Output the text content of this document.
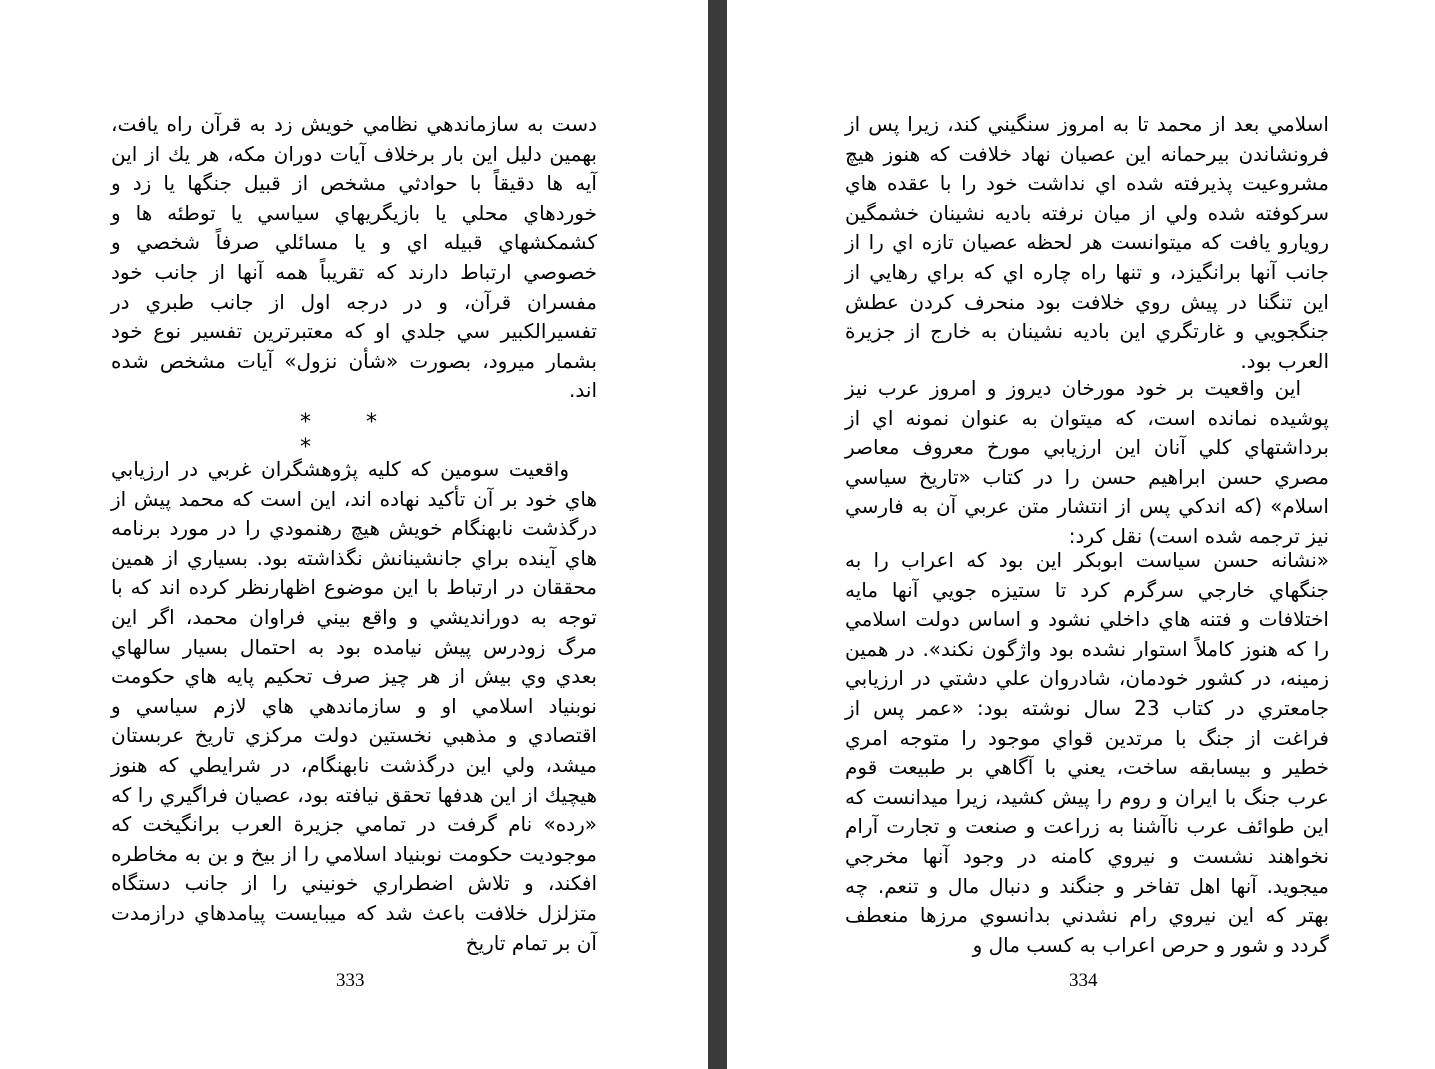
دست به سازماندهي نظامي خويش زد به قرآن راه يافت، بهمين دليل اين بار برخلاف آيات دوران مكه، هر يك از اين آيه ها دقيقاً با حوادثي مشخص از قبيل جنگها يا زد و خوردهاي محلي يا بازيگريهاي سياسي يا توطئه ها و كشمكشهاي قبيله اي و يا مسائلي صرفاً شخصي و خصوصي ارتباط دارند كه تقريباً همه آنها از جانب خود مفسران قرآن، و در درجه اول از جانب طبري در تفسيرالكبير سي جلدي او كه معتبرترين تفسير نوع خود بشمار ميرود، بصورت «شأن نزول» آيات مشخص شده اند.
* * *
واقعيت سومين كه كليه پژوهشگران غربي در ارزيابي هاي خود بر آن تأكيد نهاده اند، اين است كه محمد پيش از درگذشت نابهنگام خويش هيچ رهنمودي را در مورد برنامه هاي آينده براي جانشينانش نگذاشته بود. بسياري از همين محققان در ارتباط با اين موضوع اظهارنظر كرده اند كه با توجه به دورانديشي و واقع بيني فراوان محمد، اگر اين مرگ زودرس پيش نيامده بود به احتمال بسيار سالهاي بعدي وي بيش از هر چيز صرف تحكيم پايه هاي حكومت نوبنياد اسلامي او و سازماندهي هاي لازم سياسي و اقتصادي و مذهبي نخستين دولت مركزي تاريخ عربستان ميشد، ولي اين درگذشت نابهنگام، در شرايطي كه هنوز هيچيك از اين هدفها تحقق نيافته بود، عصيان فراگيري را كه «رده» نام گرفت در تمامي جزيرة العرب برانگيخت كه موجوديت حكومت نوبنياد اسلامي را از بيخ و بن به مخاطره افكند، و تلاش اضطراري خونيني را از جانب دستگاه متزلزل خلافت باعث شد كه ميبايست پيامدهاي درازمدت آن بر تمام تاريخ
333
اسلامي بعد از محمد تا به امروز سنگيني كند، زيرا پس از فرونشاندن بيرحمانه اين عصيان نهاد خلافت كه هنوز هيچ مشروعيت پذيرفته شده اي نداشت خود را با عقده هاي سركوفته شده ولي از ميان نرفته باديه نشينان خشمگين رويارو يافت كه ميتوانست هر لحظه عصيان تازه اي را از جانب آنها برانگيزد، و تنها راه چاره اي كه براي رهايي از اين تنگنا در پيش روي خلافت بود منحرف كردن عطش جنگجويي و غارتگري اين باديه نشينان به خارج از جزيرة العرب بود.
اين واقعيت بر خود مورخان ديروز و امروز عرب نيز پوشيده نمانده است، كه ميتوان به عنوان نمونه اي از برداشتهاي كلي آنان اين ارزيابي مورخ معروف معاصر مصري حسن ابراهيم حسن را در كتاب «تاريخ سياسي اسلام» (كه اندكي پس از انتشار متن عربي آن به فارسي نيز ترجمه شده است) نقل كرد:
«نشانه حسن سياست ابوبكر اين بود كه اعراب را به جنگهاي خارجي سرگرم كرد تا ستيزه جويي آنها مايه اختلافات و فتنه هاي داخلي نشود و اساس دولت اسلامي را كه هنوز كاملاً استوار نشده بود واژگون نكند». در همين زمينه، در كشور خودمان، شادروان علي دشتي در ارزيابي جامعتري در كتاب 23 سال نوشته بود: «عمر پس از فراغت از جنگ با مرتدين قواي موجود را متوجه امري خطير و بيسابقه ساخت، يعني با آگاهي بر طبيعت قوم عرب جنگ با ايران و روم را پيش كشيد، زيرا ميدانست كه اين طوائف عرب ناآشنا به زراعت و صنعت و تجارت آرام نخواهند نشست و نيروي كامنه در وجود آنها مخرجي ميجويد. آنها اهل تفاخر و جنگند و دنبال مال و تنعم. چه بهتر كه اين نيروي رام نشدني بدانسوي مرزها منعطف گردد و شور و حرص اعراب به كسب مال و
334
